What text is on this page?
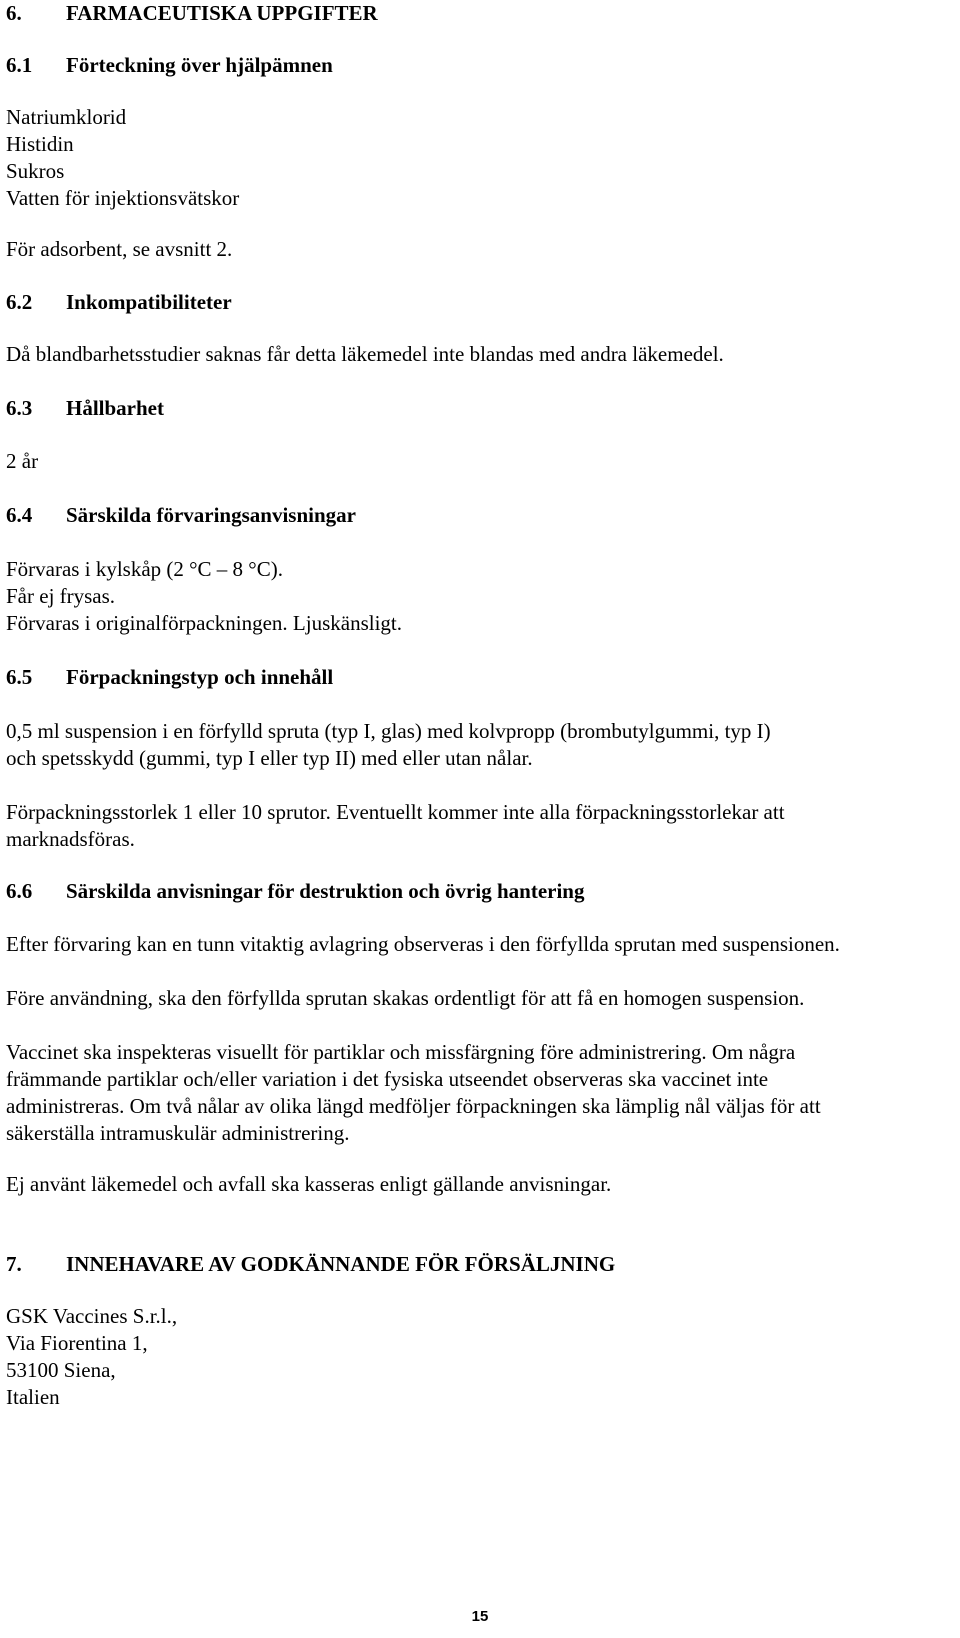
6. FARMACEUTISKA UPPGIFTER
6.1 Förteckning över hjälpämnen
Natriumklorid
Histidin
Sukros
Vatten för injektionsvätskor
För adsorbent, se avsnitt 2.
6.2 Inkompatibiliteter
Då blandbarhetsstudier saknas får detta läkemedel inte blandas med andra läkemedel.
6.3 Hållbarhet
2 år
6.4 Särskilda förvaringsanvisningar
Förvaras i kylskåp (2 °C – 8 °C).
Får ej frysas.
Förvaras i originalförpackningen. Ljuskänsligt.
6.5 Förpackningstyp och innehåll
0,5 ml suspension i en förfylld spruta (typ I, glas) med kolvpropp (brombutylgummi, typ I)
och spetsskydd (gummi, typ I eller typ II) med eller utan nålar.
Förpackningsstorlek 1 eller 10 sprutor. Eventuellt kommer inte alla förpackningsstorlekar att
marknadsföras.
6.6 Särskilda anvisningar för destruktion och övrig hantering
Efter förvaring kan en tunn vitaktig avlagring observeras i den förfyllda sprutan med suspensionen.
Före användning, ska den förfyllda sprutan skakas ordentligt för att få en homogen suspension.
Vaccinet ska inspekteras visuellt för partiklar och missfärgning före administrering. Om några
främmande partiklar och/eller variation i det fysiska utseendet observeras ska vaccinet inte
administreras. Om två nålar av olika längd medföljer förpackningen ska lämplig nål väljas för att
säkerställa intramuskulär administrering.
Ej använt läkemedel och avfall ska kasseras enligt gällande anvisningar.
7. INNEHAVARE AV GODKÄNNANDE FÖR FÖRSÄLJNING
GSK Vaccines S.r.l.,
Via Fiorentina 1,
53100 Siena,
Italien
15
